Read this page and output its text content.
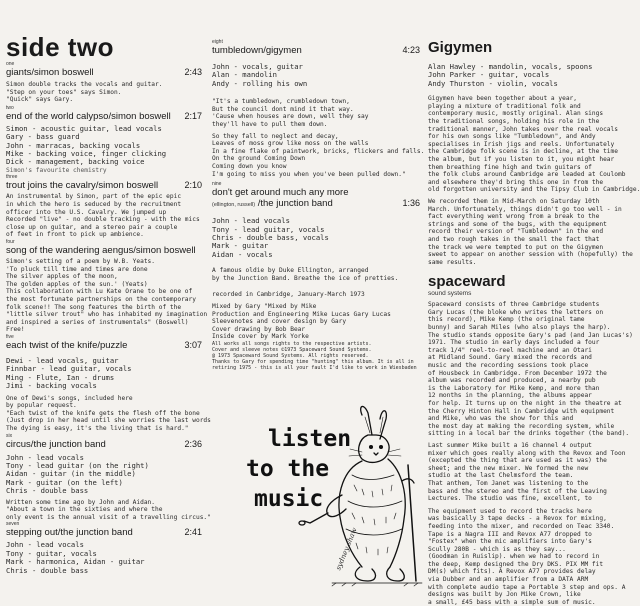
side two
one
giants/simon boswell	2:43
Simon double tracks the vocals and guitar.
"Step on your toes" says Simon.
"Quick" says Gary.
two
end of the world calypso/simon boswell 2:17
Simon - acoustic guitar, lead vocals
Gary - bass guard
John - marracas, backing vocals
Mike - backing voice, finger clicking
Dick - management, backing voice
Simon's favourite chemistry
three
trout joins the cavalry/simon boswell	2:10
An instrumental by Simon, part of the epic epic
in which the hero is seduced by the recruitment
officer into the U.S. Cavalry. We jumped up
Recorded "live" - no double tracking - with the mics
close up on guitar, and a stereo pair a couple
of feet in front to pick up ambience.
four
song of the wandering aengus/simon boswell
Simon's setting of a poem by W.B. Yeats.
'To pluck till time and times are done
The silver apples of the moon,
The golden apples of the sun.' (Yeats)
This collaboration with Lu Kate Orane to be one of
the most fortunate partnerships on the contemporary
folk scene!! The song features the birth of the
"little silver trout" who has inhabited my imagination
and inspired a series of instrumentals" (Boswell)
Free!
five
each twist of the knife/puzzle	3:07
Dewi - lead vocals, guitar
Finnbar - lead guitar, vocals
Ming - Flute, Ian - drums
Jimi - backing vocals
One of Dewi's songs, included here
by popular request.
"Each twist of the knife gets the flesh off the bone
(Just drop in her head until she worries the last words
The dying is easy, it's the living that is hard."
six
circus/the junction band	2:36
John - lead vocals
Tony - lead guitar (on the right)
Aidan - guitar (in the middle)
Mark - guitar (on the left)
Chris - double bass
Written some time ago by John and Aidan.
"About a town in the sixties and where the
only event is the annual visit of a travelling circus."
seven
stepping out/the junction band	2:41
John - lead vocals
Tony - guitar, vocals
Mark - harmonica, Aidan - guitar
Chris - double bass
eight
tumbledown/gigymen	4:23
John - vocals, guitar
Alan - mandolin
Andy - rolling his own
"It's a tumbledown, crumbledown town,
But the council dont mind it that way.
'Cause when houses are down, well they say
they'll have to pull them down.
So they fall to neglect and decay,
Leaves of moss grow like moss on the walls
In a fine flake of paintwork, bricks, flickers and falls.
On the ground Coming Down
Coming down you know
I'm going to miss you when you've been pulled down."
nine
don't get around much any more
(ellington, russell) /the junction band	1:36
John - lead vocals
Tony - lead guitar, vocals
Chris - double bass, vocals
Mark - guitar
Aidan - vocals
A famous oldie by Duke Ellington, arranged
by the Junction Band. Breathe the ice of pretties.
recorded in Cambridge, January-March 1973
Mixed by Gary "Mixed by Mike
Production and Engineering Mike Lucas Gary Lucas
Sleevenotes and cover design by Gary
Cover drawing by Bob Bear
Inside cover by Mark Yorke
All works all songs rights to the respective artists.
Cover and sleeve notes ©1973 Spaceward Sound Systems.
@ 1973 Spaceward Sound Systems. All rights reserved.
Thanks to Gary for spending time "hunting" this album. It is all in
retiring 1975 - this is all your fault I'd like to work in Wiesbaden
listen
to the
music
sydney shaw
Gigymen
Alan Hawley - mandolin, vocals, spoons
John Parker - guitar, vocals
Andy Thurston - violin, vocals
Gigymen have been together about a year,
playing a mixture of traditional folk and
contemporary music, mostly original. Alan sings
the traditional songs, holding his role in the
traditional manner, John takes over the real vocals
for his own songs like "Tumbledown", and Andy
specialises in Irish jigs and reels. Unfortunately
the Cambridge folk scene is in decline, at the time
the album, but if you listen to it, you might hear
them breathing fine high and twin guitars of
the folk clubs around Cambridge are leaded at Coulomb
and elsewhere they'd bring this one in from the
old forgotten university and the Tipsy Club in Cambridge.
We recorded them in Mid-March on Saturday 10th
March. Unfortunately, things didn't go too well - in
fact everything went wrong from a break to the
strings and some of the bugs, with the equipment
record their version of "Tumbledown" in the end
and two rough takes in the small the fact that
the track we were tempted to put on the Gigymen
sweet to appear on another session with (hopefully) the
same results.
spaceward
sound systems
Spaceward consists of three Cambridge students
Gary Lucas (the bloke who writes the letters on
this record), Mike Kemp (the original tame
bunny) and Sarah Miles (who also plays the harp).
The studio stands opposite Gary's pad (and Jan Lucas's)
1971. The studio in early days included a four
track 1/4" reel-to-reel machine and an Otari
at Midland Sound. Gary mixed the records and
music and the recording sessions took place
of Housbeck in Cambridge. From December 1972 the
album was recorded and produced, a nearby pub
is the Laboratory for Mike Kemp, and more than
12 months in the planning, the albums appear
for help. It turns up on the night in the theatre at
the Cherry Hinton Hall in Cambridge with equipment
and Mike, who was the show for this and
the most day at making the recording system, while
sitting in a local bar the drinks together (the band).
Last summer Mike built a 16 channel 4 output
mixer which goes really along with the Revox and Toon
(excepted the thing that are used as it was) the
sheet; and the new mixer. We formed the new
studio at the last Chelmsford the team.
That anthem, Tom Janet was listening to the
bass and the stereo and the first of the Leaving
Lectures. The studio was fine, excellent, to
The equipment used to record the tracks here
was basically 3 tape decks - a Revox for mixing,
feeding into the mixer, and recorded on Teac 3340.
Tape is a Nagra III and Revox A77 dropped to
"Fostex" when the mic amplifiers into Gary's
Scully 280B - which is as they say...
(Goodman in Ruislip). when we had to record in
the deep, Kemp designed the Dry DKS. PIX MM fit
DM(s) which fits). A Revox A77 provides delay
via Dubber and an amplifier from a DATA ARM
with complete audio tape a Portable 3 step and ops. A
designs was built by Jon Mike Crown, like
a small, £45 bass with a simple sum of music.
